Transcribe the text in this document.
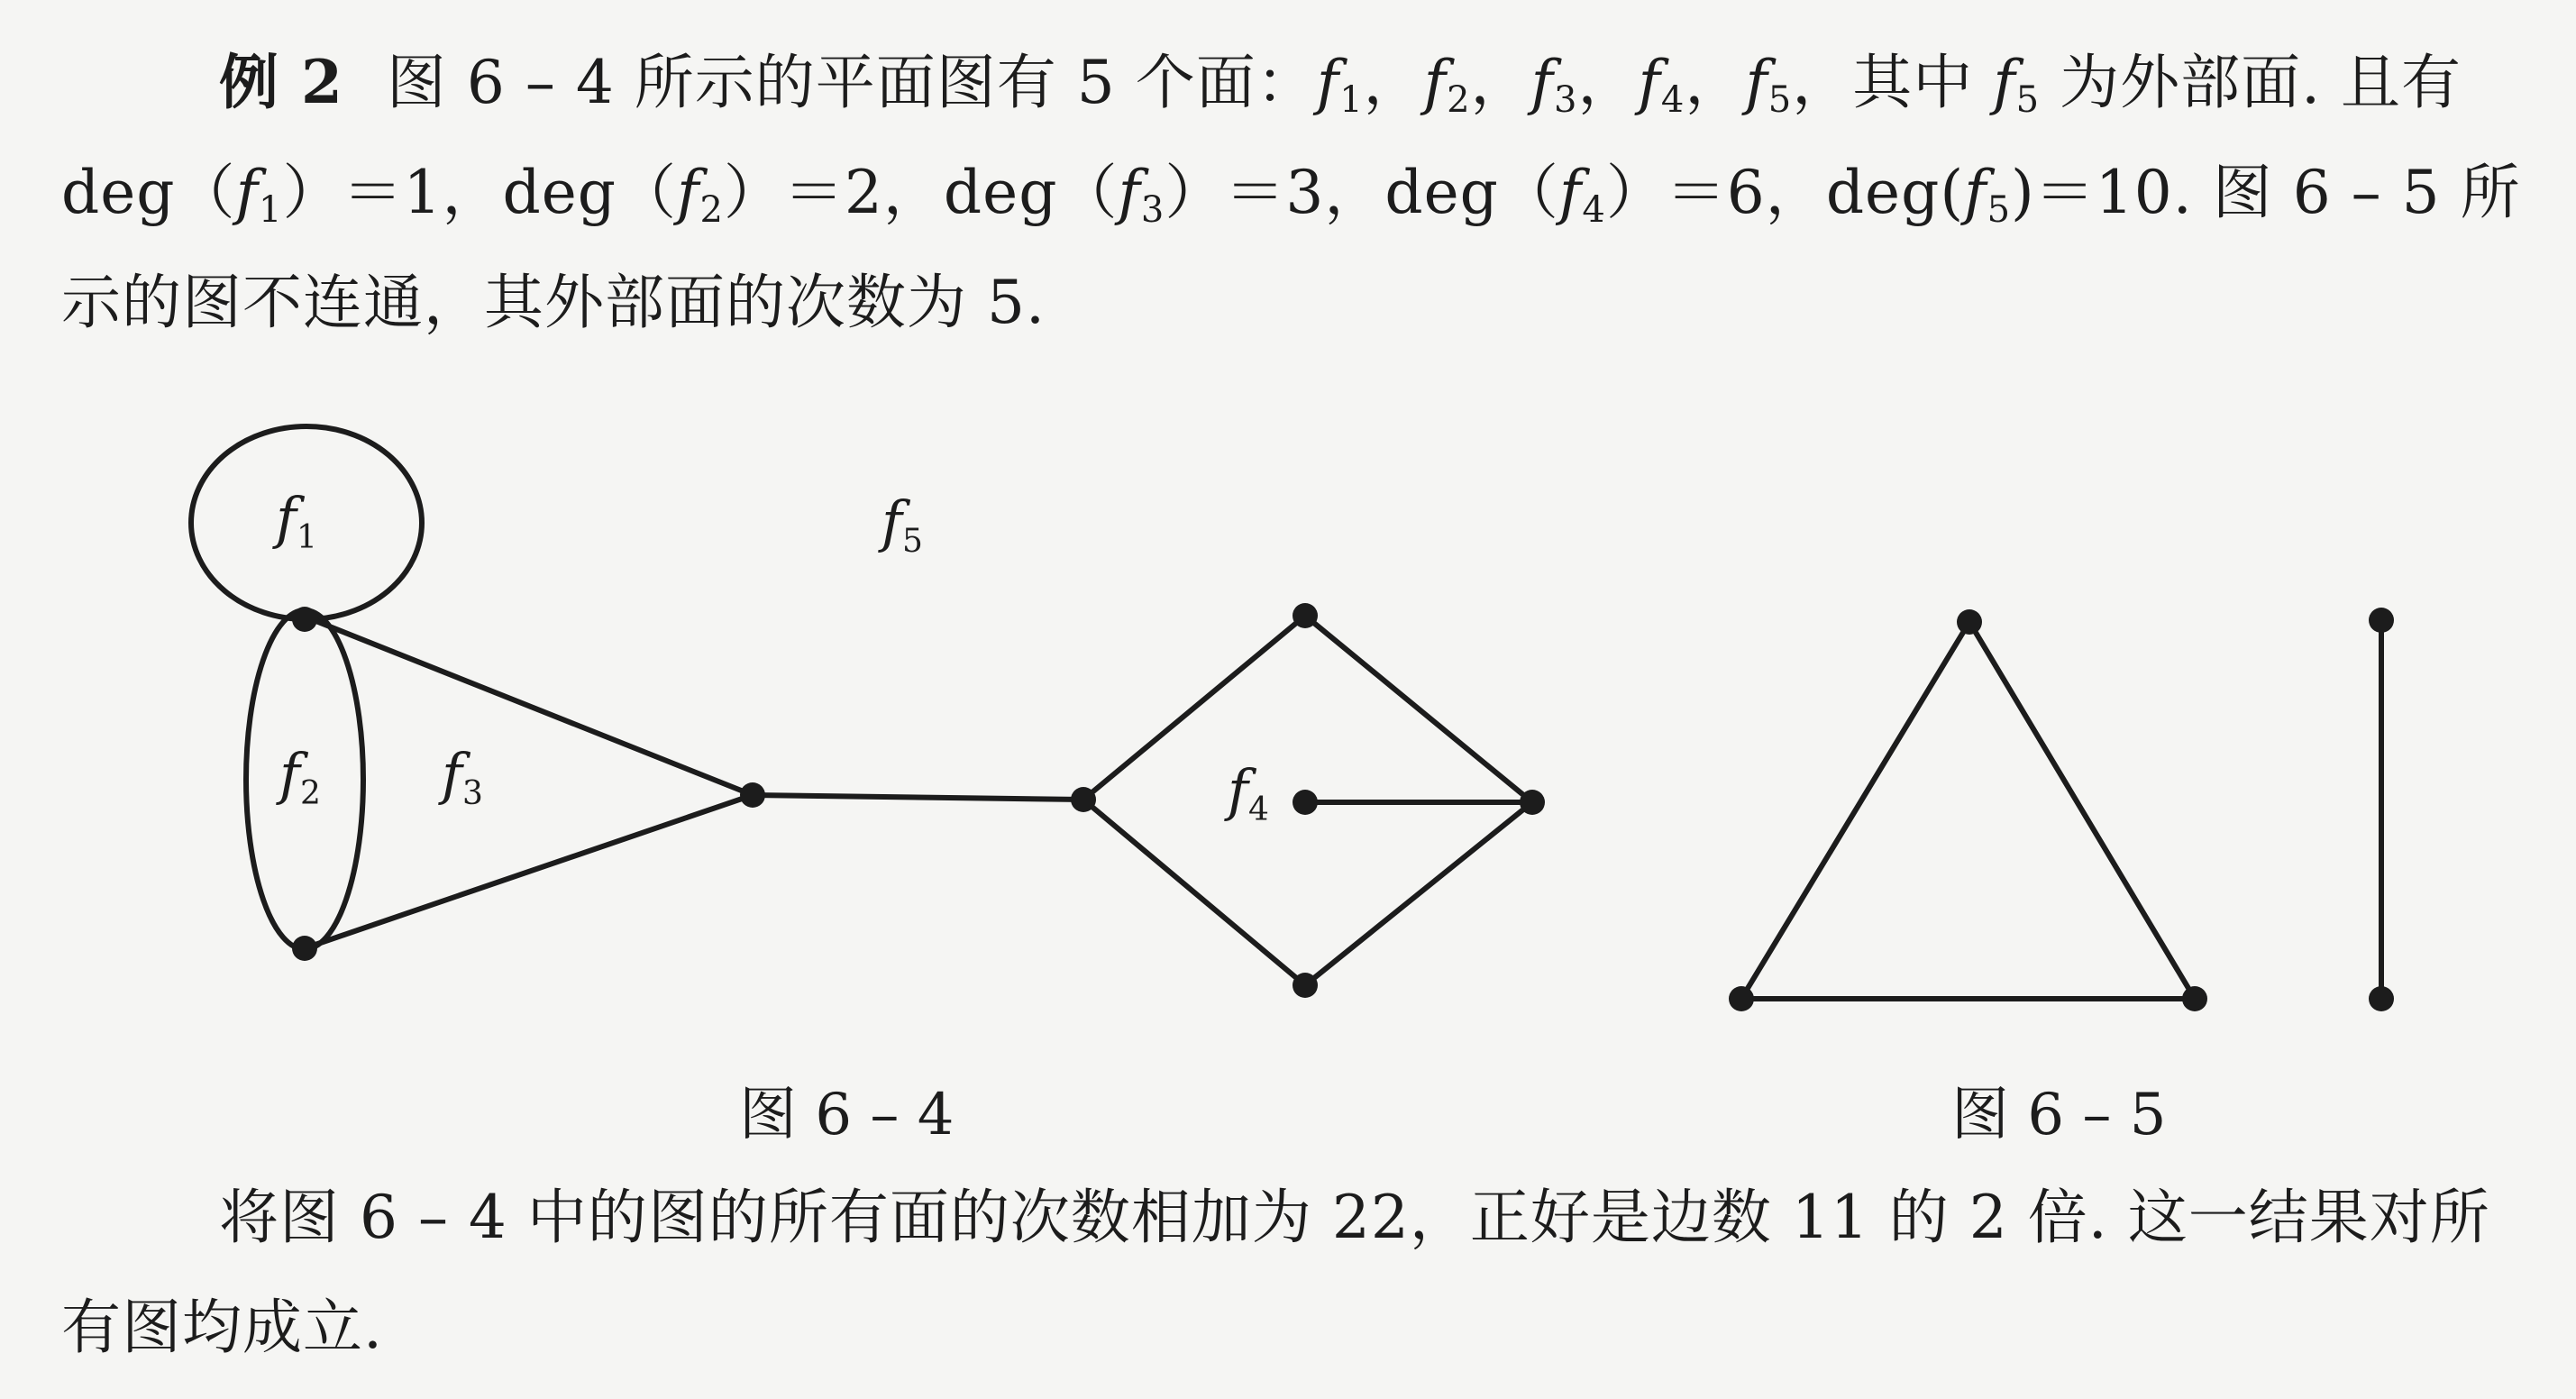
例 2 图 6 – 4 所示的平面图有 5 个面：$f_1$，$f_2$，$f_3$，$f_4$，$f_5$，其中 $f_5$ 为外部面. 且有 $deg(f_1)=1$，$deg(f_2)=2$，$deg(f_3)=3$，$deg(f_4)=6$，$deg(f_5)=10$. 图 6 – 5 所示的图不连通，其外部面的次数为 5.

f1
f2 f3	f4
f5
图 6 – 4	图 6 – 5

将图 6 – 4 中的图的所有面的次数相加为 22，正好是边数 11 的 2 倍. 这一结果对所有图均成立.
